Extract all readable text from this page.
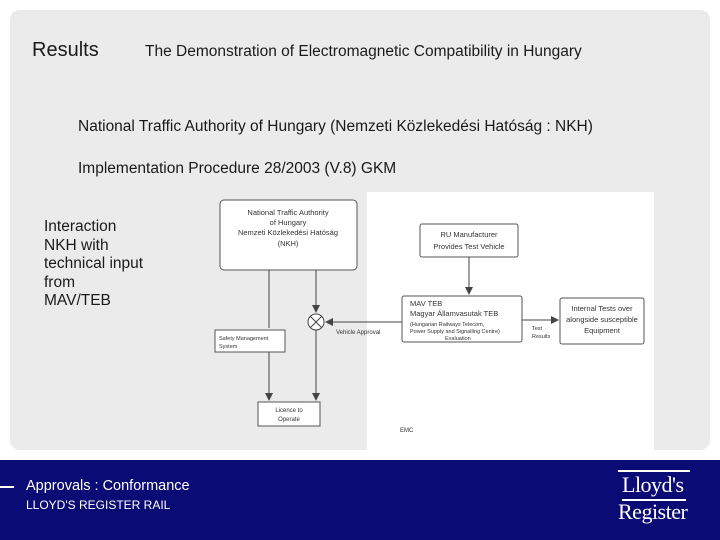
Results	The Demonstration of Electromagnetic Compatibility in Hungary
National Traffic Authority of Hungary (Nemzeti Közlekedési Hatóság : NKH)
Implementation Procedure 28/2003 (V.8) GKM
Interaction
NKH with
technical input
from
MAV/TEB
National Traffic Authority
of Hungary
Nemzeti Közlekedési Hatóság
(NKH)
RU Manufacturer
Provides Test Vehicle
MAV TEB
Magyar Államvasutak TEB
(Hungarian Railways Telecom,
Power Supply and Signalling Centre)
Evaluation
Internal Tests over
alongside susceptible
Equipment
Safety Management
System
Licence to
Operate
Vehicle Approval
Test
Results
EMC
Approvals : Conformance
LLOYD'S REGISTER RAIL
Lloyd's
Register
